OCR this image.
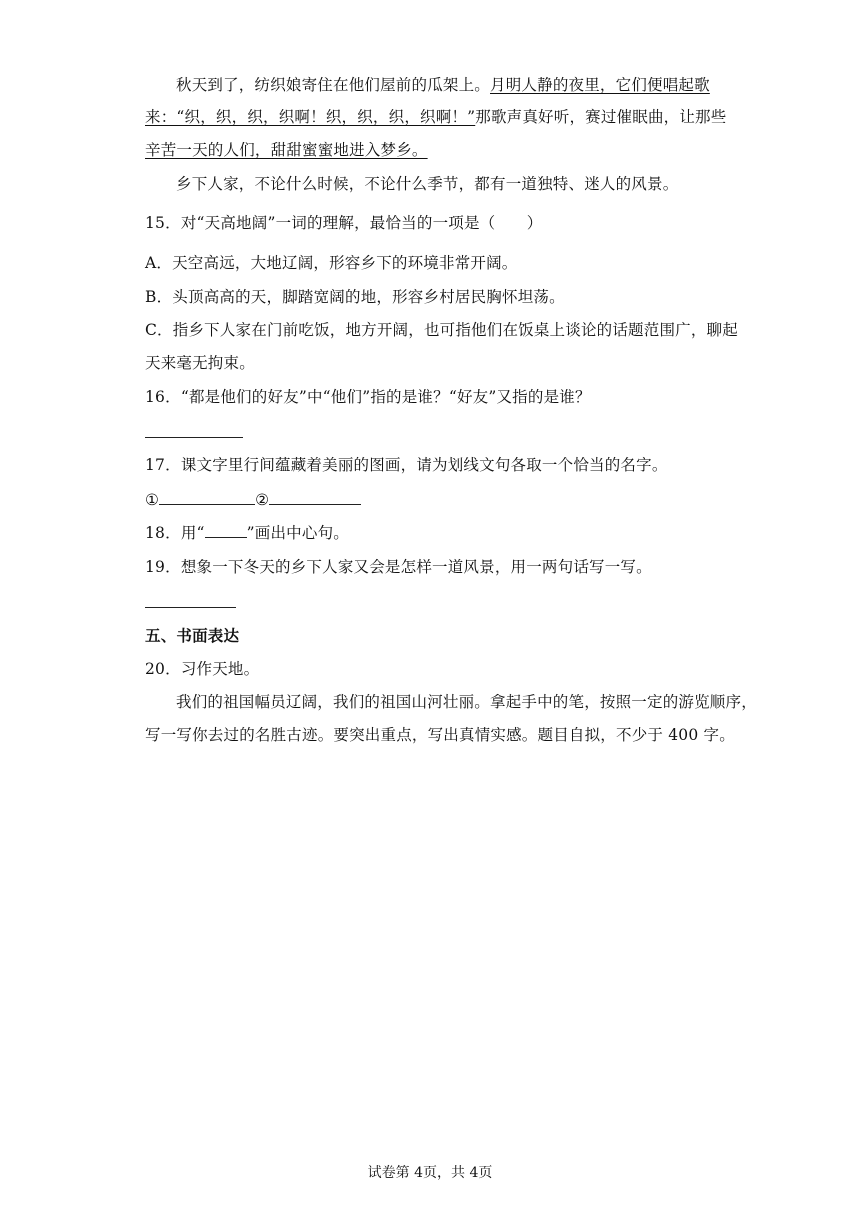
秋天到了，纺织娘寄住在他们屋前的瓜架上。月明人静的夜里，它们便唱起歌
来：“织，织，织，织啊！织，织，织，织啊！”那歌声真好听，赛过催眠曲，让那些
辛苦一天的人们，甜甜蜜蜜地进入梦乡。
乡下人家，不论什么时候，不论什么季节，都有一道独特、迷人的风景。
15．对“天高地阔”一词的理解，最恰当的一项是（　　）
A．天空高远，大地辽阔，形容乡下的环境非常开阔。
B．头顶高高的天，脚踏宽阔的地，形容乡村居民胸怀坦荡。
C．指乡下人家在门前吃饭，地方开阔，也可指他们在饭桌上谈论的话题范围广，聊起
天来毫无拘束。
16．“都是他们的好友”中“他们”指的是谁？“好友”又指的是谁？
17．课文字里行间蕴藏着美丽的图画，请为划线文句各取一个恰当的名字。
①	②
18．用“	”画出中心句。
19．想象一下冬天的乡下人家又会是怎样一道风景，用一两句话写一写。
五、书面表达
20．习作天地。
我们的祖国幅员辽阔，我们的祖国山河壮丽。拿起手中的笔，按照一定的游览顺序，
写一写你去过的名胜古迹。要突出重点，写出真情实感。题目自拟，不少于 400 字。
试卷第 4页，共 4页
